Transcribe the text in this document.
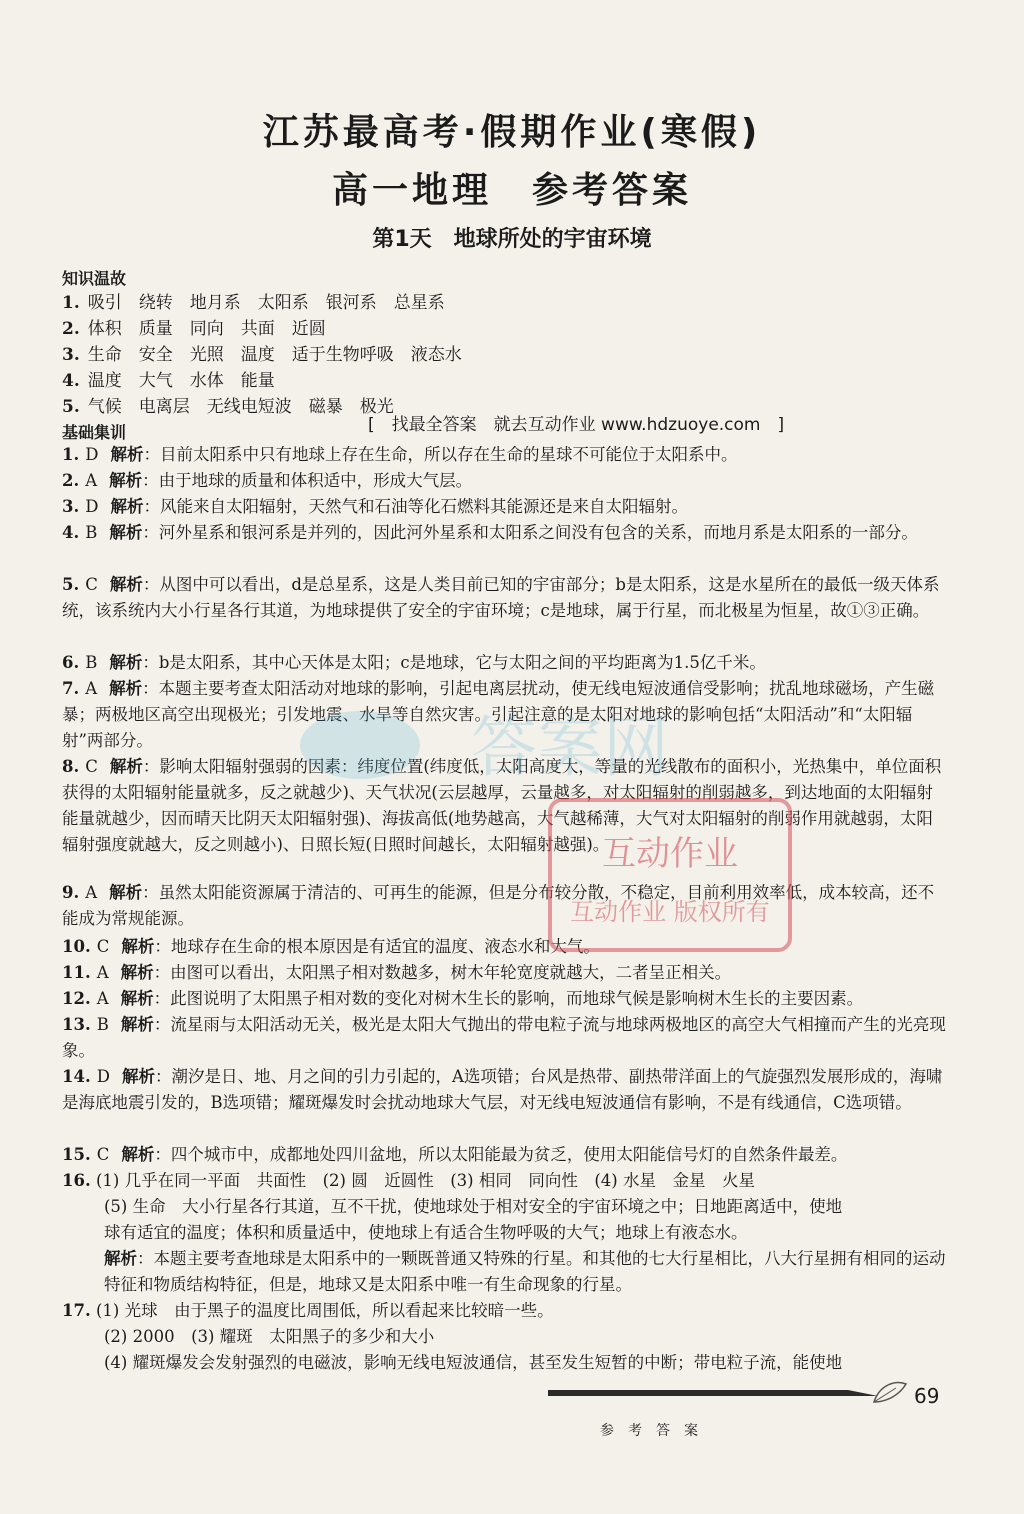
江苏最高考·假期作业(寒假)
高一地理　参考答案
第1天　地球所处的宇宙环境
知识温故
1. 吸引　绕转　地月系　太阳系　银河系　总星系
2. 体积　质量　同向　共面　近圆
3. 生命　安全　光照　温度　适于生物呼吸　液态水
4. 温度　大气　水体　能量
5. 气候　电离层　无线电短波　磁暴　极光
[　找最全答案　就去互动作业 www.hdzuoye.com　]
基础集训
1. D 解析：目前太阳系中只有地球上存在生命，所以存在生命的星球不可能位于太阳系中。
2. A 解析：由于地球的质量和体积适中，形成大气层。
3. D 解析：风能来自太阳辐射，天然气和石油等化石燃料其能源还是来自太阳辐射。
4. B 解析：河外星系和银河系是并列的，因此河外星系和太阳系之间没有包含的关系，而地月系是太阳系的一部分。
5. C 解析：从图中可以看出，d是总星系，这是人类目前已知的宇宙部分；b是太阳系，这是水星所在的最低一级天体系统，该系统内大小行星各行其道，为地球提供了安全的宇宙环境；c是地球，属于行星，而北极星为恒星，故①③正确。
6. B 解析：b是太阳系，其中心天体是太阳；c是地球，它与太阳之间的平均距离为1.5亿千米。
7. A 解析：本题主要考查太阳活动对地球的影响，引起电离层扰动，使无线电短波通信受影响；扰乱地球磁场，产生磁暴；两极地区高空出现极光；引发地震、水旱等自然灾害。引起注意的是太阳对地球的影响包括“太阳活动”和“太阳辐射”两部分。
8. C 解析：影响太阳辐射强弱的因素：纬度位置(纬度低，太阳高度大，等量的光线散布的面积小，光热集中，单位面积获得的太阳辐射能量就多，反之就越少)、天气状况(云层越厚，云量越多，对太阳辐射的削弱越多，到达地面的太阳辐射能量就越少，因而晴天比阴天太阳辐射强)、海拔高低(地势越高，大气越稀薄，大气对太阳辐射的削弱作用就越弱，太阳辐射强度就越大，反之则越小)、日照长短(日照时间越长，太阳辐射越强)。
9. A 解析：虽然太阳能资源属于清洁的、可再生的能源，但是分布较分散，不稳定，目前利用效率低，成本较高，还不能成为常规能源。
10. C 解析：地球存在生命的根本原因是有适宜的温度、液态水和大气。
11. A 解析：由图可以看出，太阳黑子相对数越多，树木年轮宽度就越大，二者呈正相关。
12. A 解析：此图说明了太阳黑子相对数的变化对树木生长的影响，而地球气候是影响树木生长的主要因素。
13. B 解析：流星雨与太阳活动无关，极光是太阳大气抛出的带电粒子流与地球两极地区的高空大气相撞而产生的光亮现象。
14. D 解析：潮汐是日、地、月之间的引力引起的，A选项错；台风是热带、副热带洋面上的气旋强烈发展形成的，海啸是海底地震引发的，B选项错；耀斑爆发时会扰动地球大气层，对无线电短波通信有影响，不是有线通信，C选项错。
15. C 解析：四个城市中，成都地处四川盆地，所以太阳能最为贫乏，使用太阳能信号灯的自然条件最差。
16. (1) 几乎在同一平面　共面性　(2) 圆　近圆性　(3) 相同　同向性　(4) 水星　金星　火星
(5) 生命　大小行星各行其道，互不干扰，使地球处于相对安全的宇宙环境之中；日地距离适中，使地
球有适宜的温度；体积和质量适中，使地球上有适合生物呼吸的大气；地球上有液态水。
解析：本题主要考查地球是太阳系中的一颗既普通又特殊的行星。和其他的七大行星相比，八大行星拥有相同的运动特征和物质结构特征，但是，地球又是太阳系中唯一有生命现象的行星。
17. (1) 光球　由于黑子的温度比周围低，所以看起来比较暗一些。
(2) 2000　(3) 耀斑　太阳黑子的多少和大小
(4) 耀斑爆发会发射强烈的电磁波，影响无线电短波通信，甚至发生短暂的中断；带电粒子流，能使地
互动作业
互动作业 版权所有
答案网
69
参考答案
